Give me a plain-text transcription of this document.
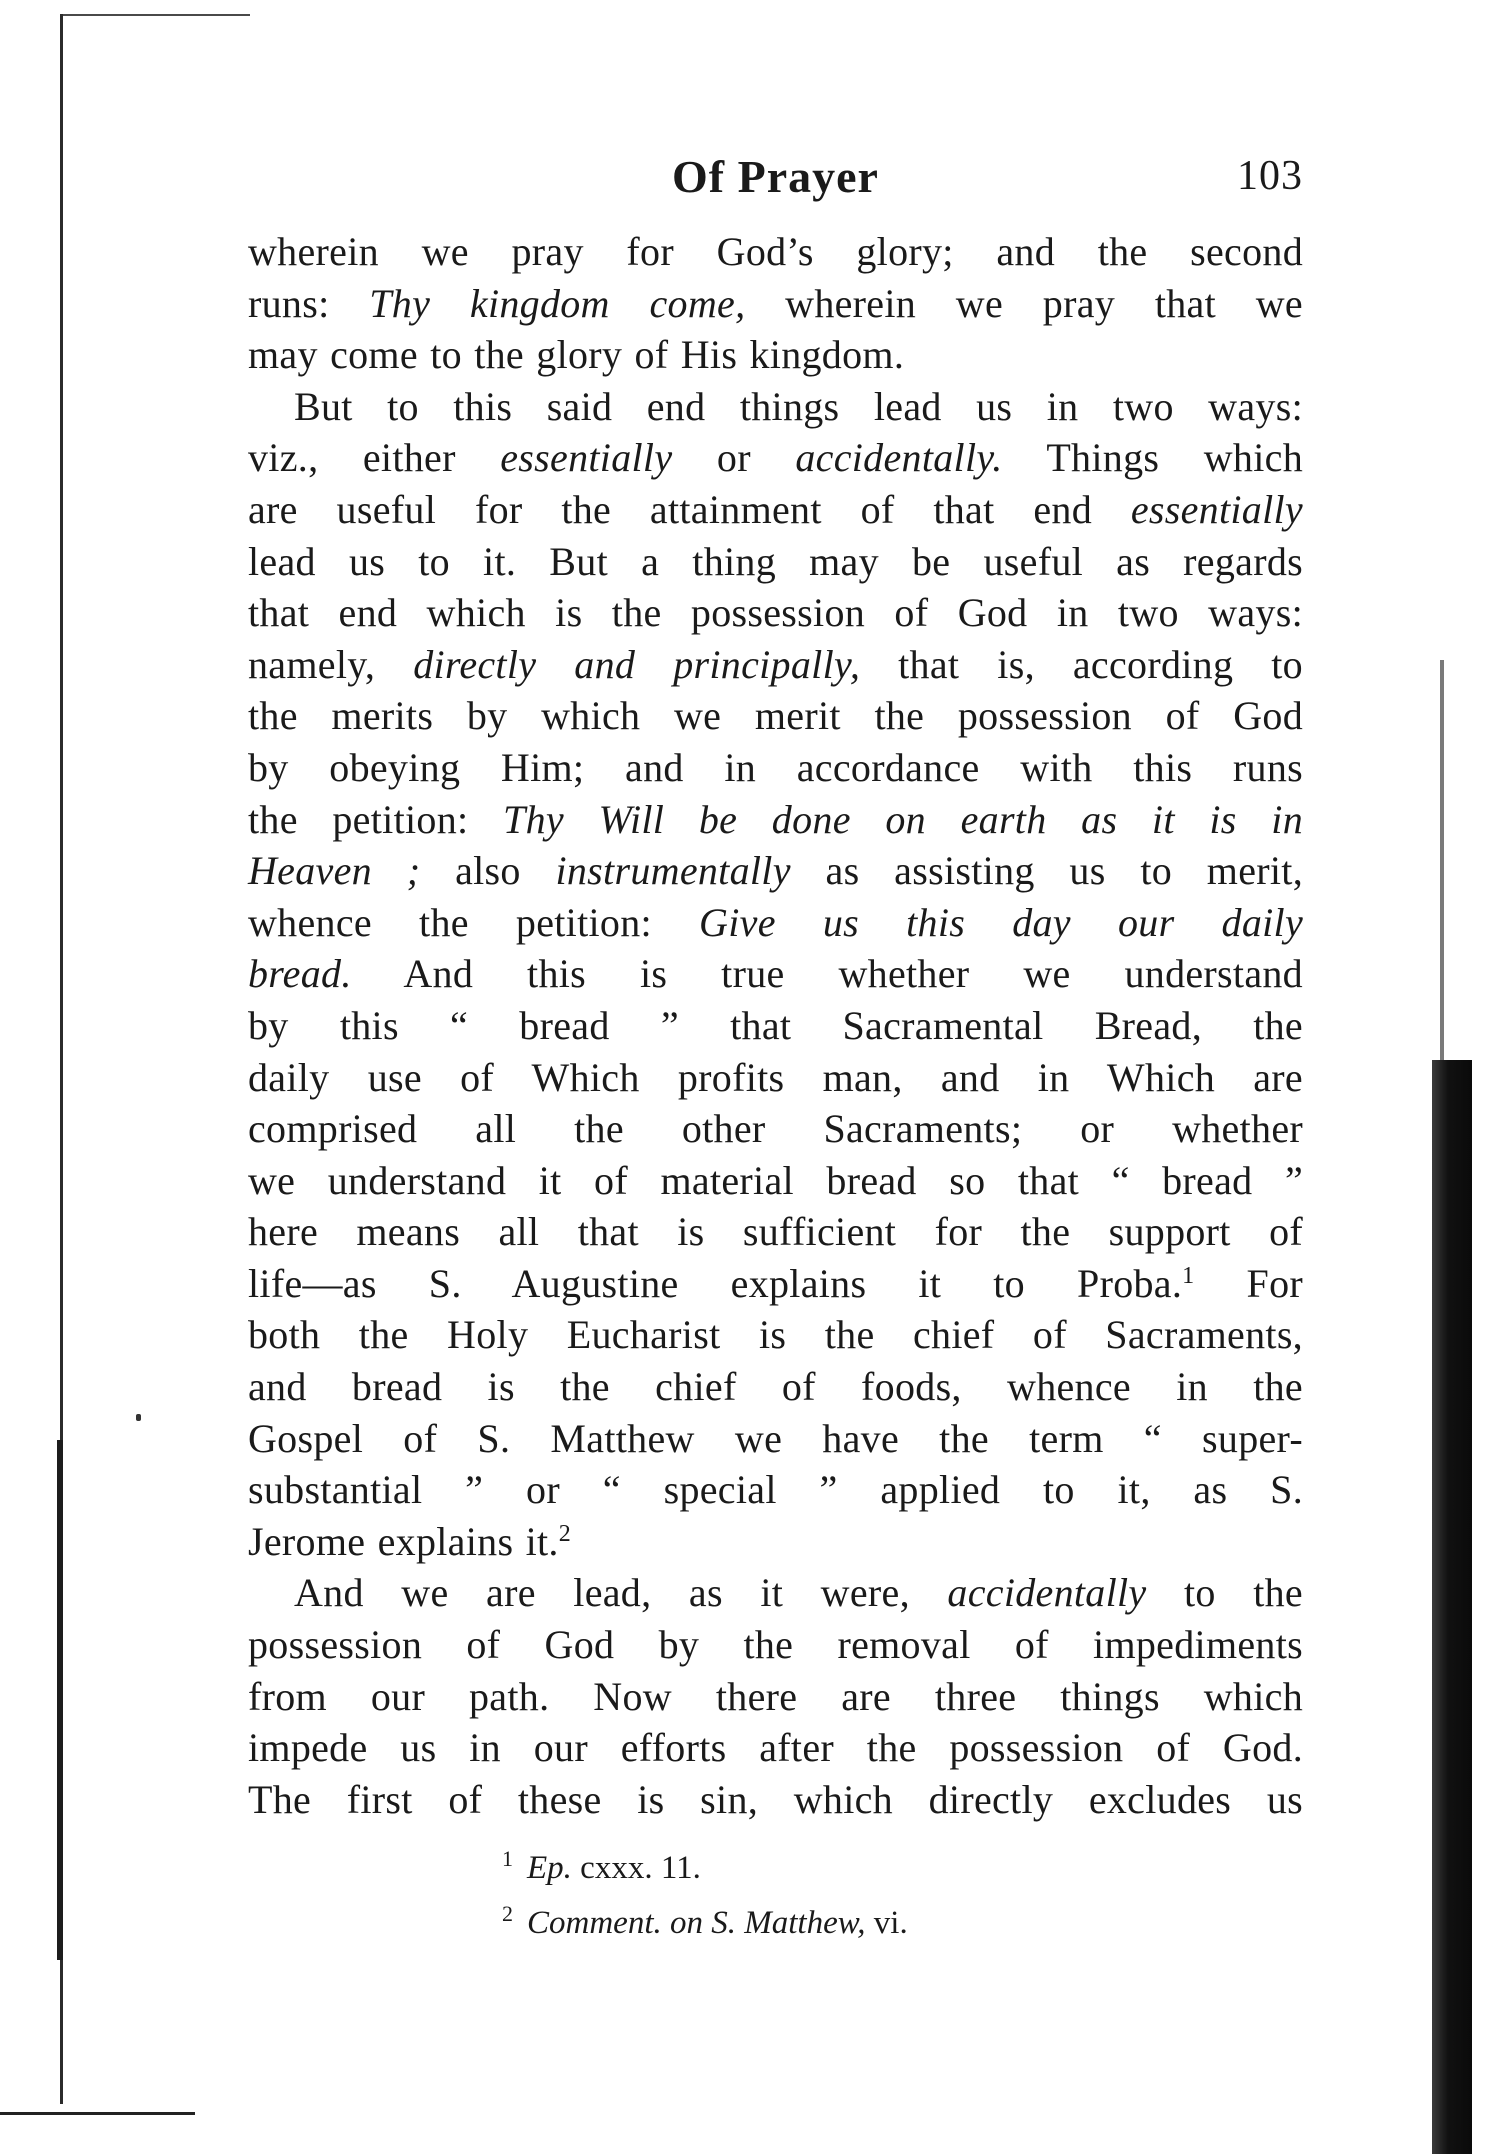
Of Prayer	103
wherein we pray for God’s glory; and the second
runs: Thy kingdom come, wherein we pray that we
may come to the glory of His kingdom.
But to this said end things lead us in two ways:
viz., either essentially or accidentally. Things which
are useful for the attainment of that end essentially
lead us to it. But a thing may be useful as regards
that end which is the possession of God in two ways:
namely, directly and principally, that is, according to
the merits by which we merit the possession of God
by obeying Him; and in accordance with this runs
the petition: Thy Will be done on earth as it is in
Heaven ; also instrumentally as assisting us to merit,
whence the petition: Give us this day our daily
bread. And this is true whether we understand
by this “ bread ” that Sacramental Bread, the
daily use of Which profits man, and in Which are
comprised all the other Sacraments; or whether
we understand it of material bread so that “ bread ”
here means all that is sufficient for the support of
life—as S. Augustine explains it to Proba.$^1$ For
both the Holy Eucharist is the chief of Sacraments,
and bread is the chief of foods, whence in the
Gospel of S. Matthew we have the term “ super-
substantial ” or “ special ” applied to it, as S.
Jerome explains it.$^2$
And we are lead, as it were, accidentally to the
possession of God by the removal of impediments
from our path. Now there are three things which
impede us in our efforts after the possession of God.
The first of these is sin, which directly excludes us
$^1$ Ep. cxxx. 11.
$^2$ Comment. on S. Matthew, vi.
